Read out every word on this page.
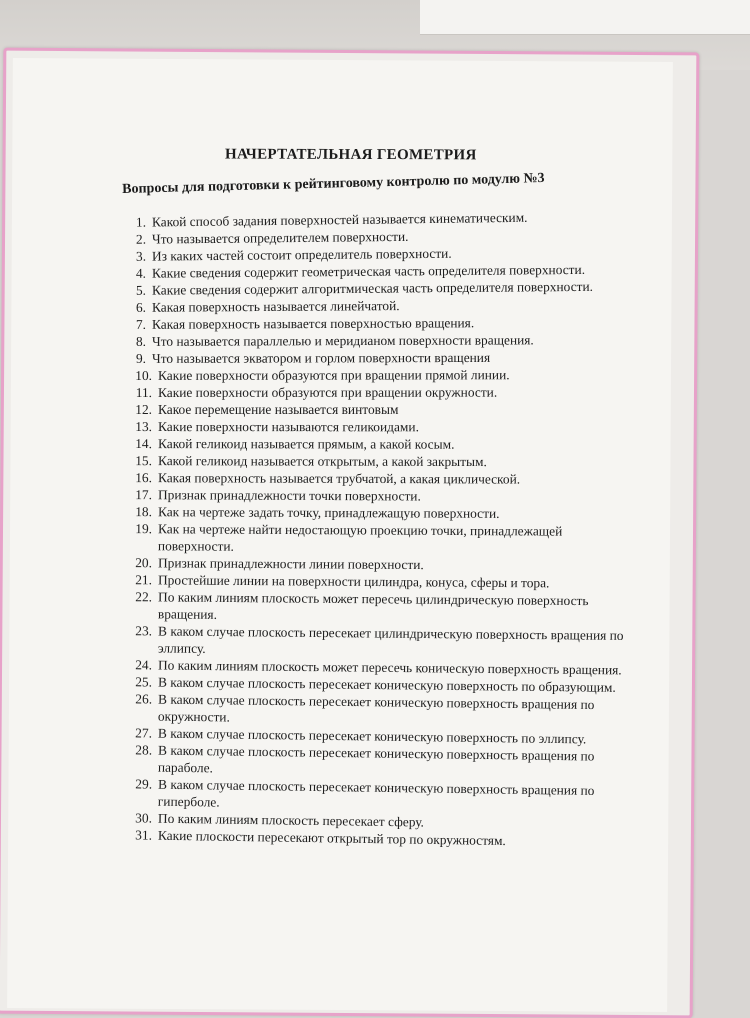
НАЧЕРТАТЕЛЬНАЯ ГЕОМЕТРИЯ
Вопросы для подготовки к рейтинговому контролю по модулю №3
1. Какой способ задания поверхностей называется кинематическим.
2. Что называется определителем поверхности.
3. Из каких частей состоит определитель поверхности.
4. Какие сведения содержит геометрическая часть определителя поверхности.
5. Какие сведения содержит алгоритмическая часть определителя поверхности.
6. Какая поверхность называется линейчатой.
7. Какая поверхность называется поверхностью вращения.
8. Что называется параллелью и меридианом поверхности вращения.
9. Что называется экватором и горлом поверхности вращения
10. Какие поверхности образуются при вращении прямой линии.
11. Какие поверхности образуются при вращении окружности.
12. Какое перемещение называется винтовым
13. Какие поверхности называются геликоидами.
14. Какой геликоид называется прямым, а какой косым.
15. Какой геликоид называется открытым, а какой закрытым.
16. Какая поверхность называется трубчатой, а какая циклической.
17. Признак принадлежности точки поверхности.
18. Как на чертеже задать точку, принадлежащую поверхности.
19. Как на чертеже найти недостающую проекцию точки, принадлежащей поверхности.
20. Признак принадлежности линии поверхности.
21. Простейшие линии на поверхности цилиндра, конуса, сферы и тора.
22. По каким линиям плоскость может пересечь цилиндрическую поверхность вращения.
23. В каком случае плоскость пересекает цилиндрическую поверхность вращения по эллипсу.
24. По каким линиям плоскость может пересечь коническую поверхность вращения.
25. В каком случае плоскость пересекает коническую поверхность по образующим.
26. В каком случае плоскость пересекает коническую поверхность вращения по окружности.
27. В каком случае плоскость пересекает коническую поверхность по эллипсу.
28. В каком случае плоскость пересекает коническую поверхность вращения по параболе.
29. В каком случае плоскость пересекает коническую поверхность вращения по гиперболе.
30. По каким линиям плоскость пересекает сферу.
31. Какие плоскости пересекают открытый тор по окружностям.
